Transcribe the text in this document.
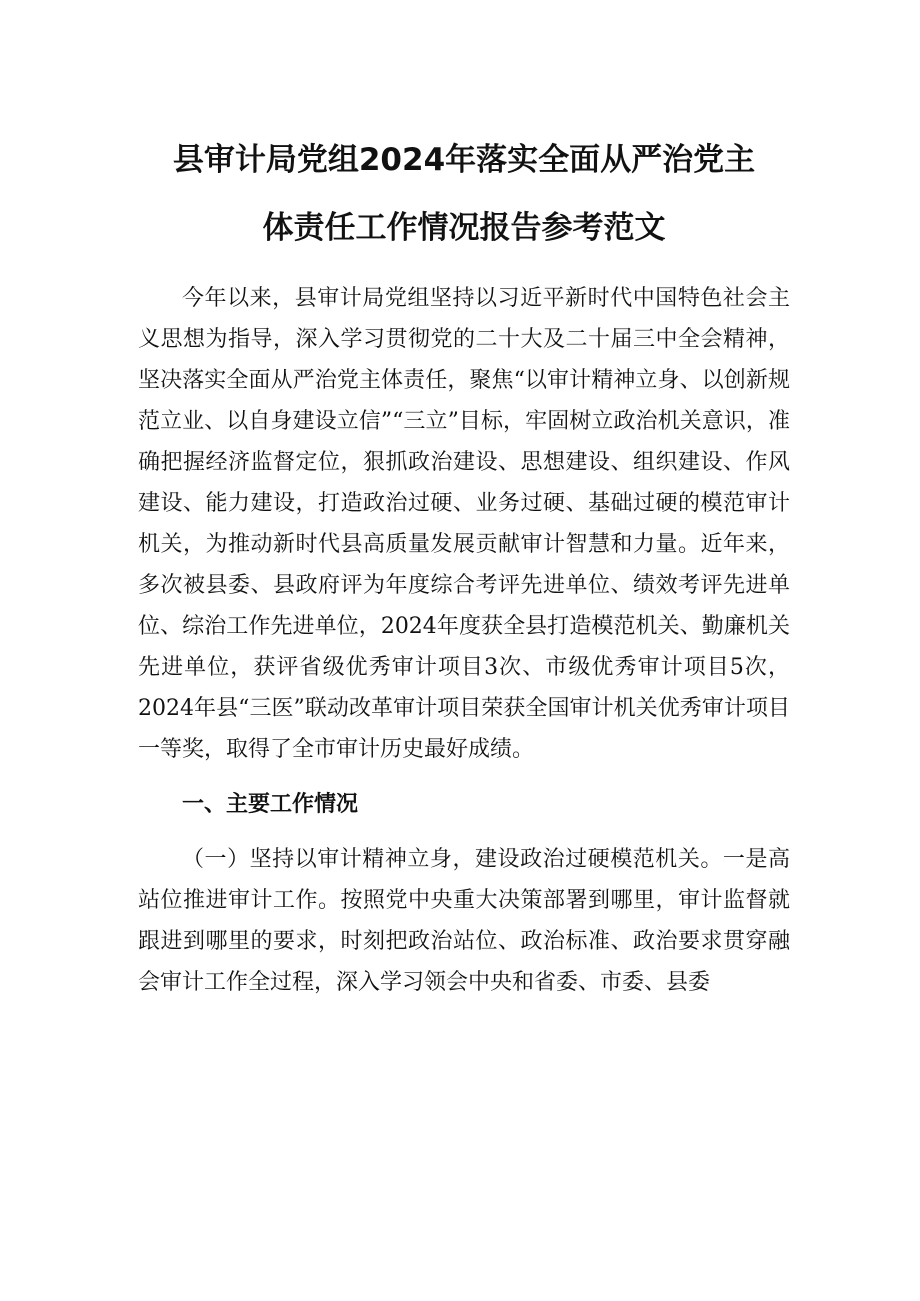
县审计局党组2024年落实全面从严治党主
体责任工作情况报告参考范文

今年以来，县审计局党组坚持以习近平新时代中国特色社会主义思想为指导，深入学习贯彻党的二十大及二十届三中全会精神，坚决落实全面从严治党主体责任，聚焦“以审计精神立身、以创新规范立业、以自身建设立信”“三立”目标，牢固树立政治机关意识，准确把握经济监督定位，狠抓政治建设、思想建设、组织建设、作风建设、能力建设，打造政治过硬、业务过硬、基础过硬的模范审计机关，为推动新时代县高质量发展贡献审计智慧和力量。近年来，多次被县委、县政府评为年度综合考评先进单位、绩效考评先进单位、综治工作先进单位，2024年度获全县打造模范机关、勤廉机关先进单位，获评省级优秀审计项目3次、市级优秀审计项目5次，2024年县“三医”联动改革审计项目荣获全国审计机关优秀审计项目一等奖，取得了全市审计历史最好成绩。

一、主要工作情况

（一）坚持以审计精神立身，建设政治过硬模范机关。一是高站位推进审计工作。按照党中央重大决策部署到哪里，审计监督就跟进到哪里的要求，时刻把政治站位、政治标准、政治要求贯穿融会审计工作全过程，深入学习领会中央和省委、市委、县委
